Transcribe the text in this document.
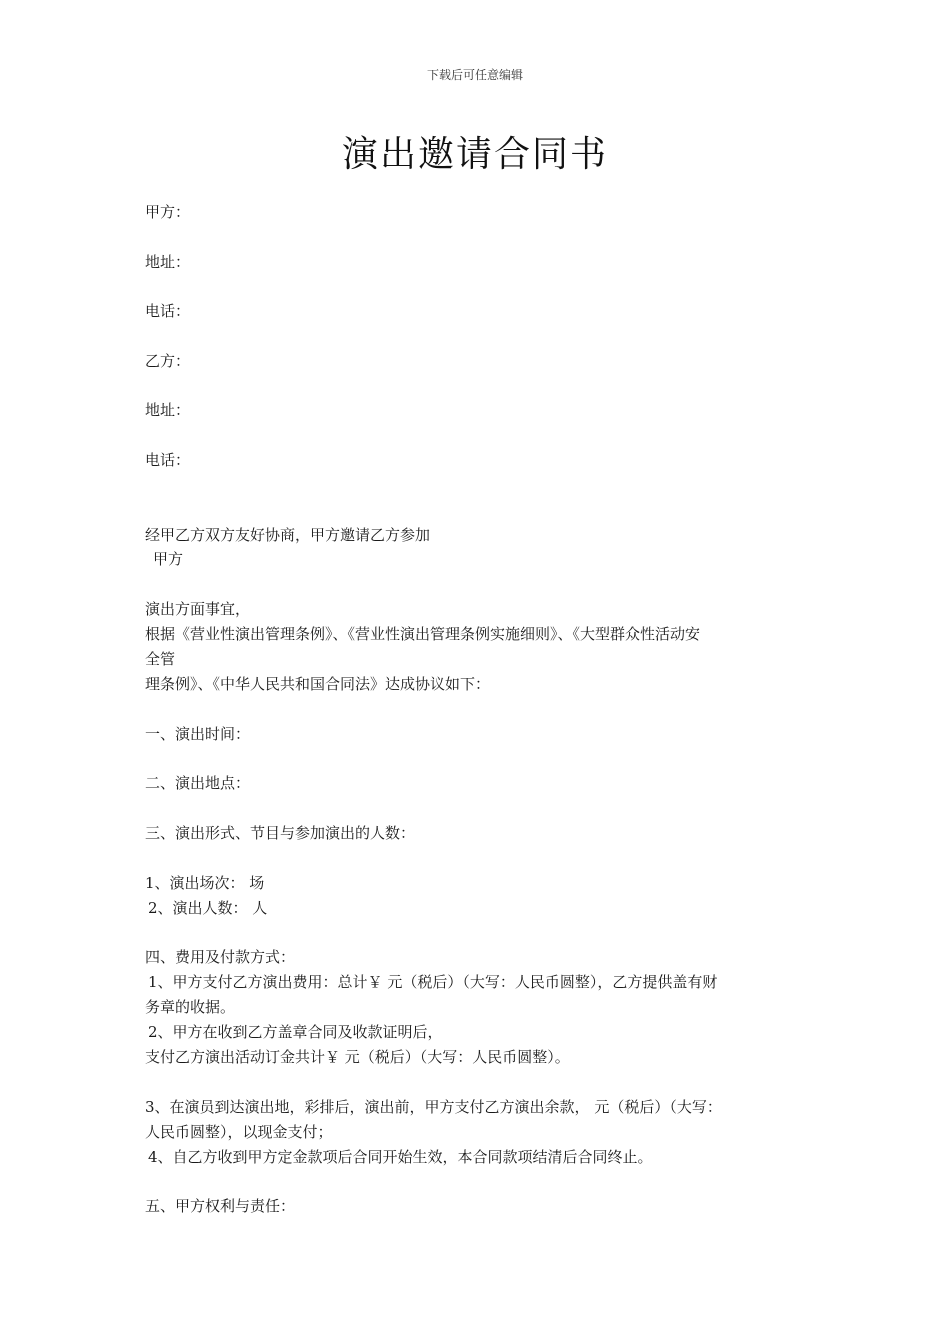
下载后可任意编辑
演出邀请合同书
甲方：
地址：
电话：
乙方：
地址：
电话：
经甲乙方双方友好协商，甲方邀请乙方参加
甲方
演出方面事宜，
根据《营业性演出管理条例》、《营业性演出管理条例实施细则》、《大型群众性活动安
全管
理条例》、《中华人民共和国合同法》达成协议如下：
一、演出时间：
二、演出地点：
三、演出形式、节目与参加演出的人数：
1、演出场次： 场
2、演出人数： 人
四、费用及付款方式：
1、甲方支付乙方演出费用：总计￥ 元（税后）（大写：人民币圆整），乙方提供盖有财
务章的收据。
2、甲方在收到乙方盖章合同及收款证明后，
支付乙方演出活动订金共计￥ 元（税后）（大写：人民币圆整）。
3、在演员到达演出地，彩排后，演出前，甲方支付乙方演出余款， 元（税后）（大写：
人民币圆整），以现金支付；
4、自乙方收到甲方定金款项后合同开始生效，本合同款项结清后合同终止。
五、甲方权利与责任：
